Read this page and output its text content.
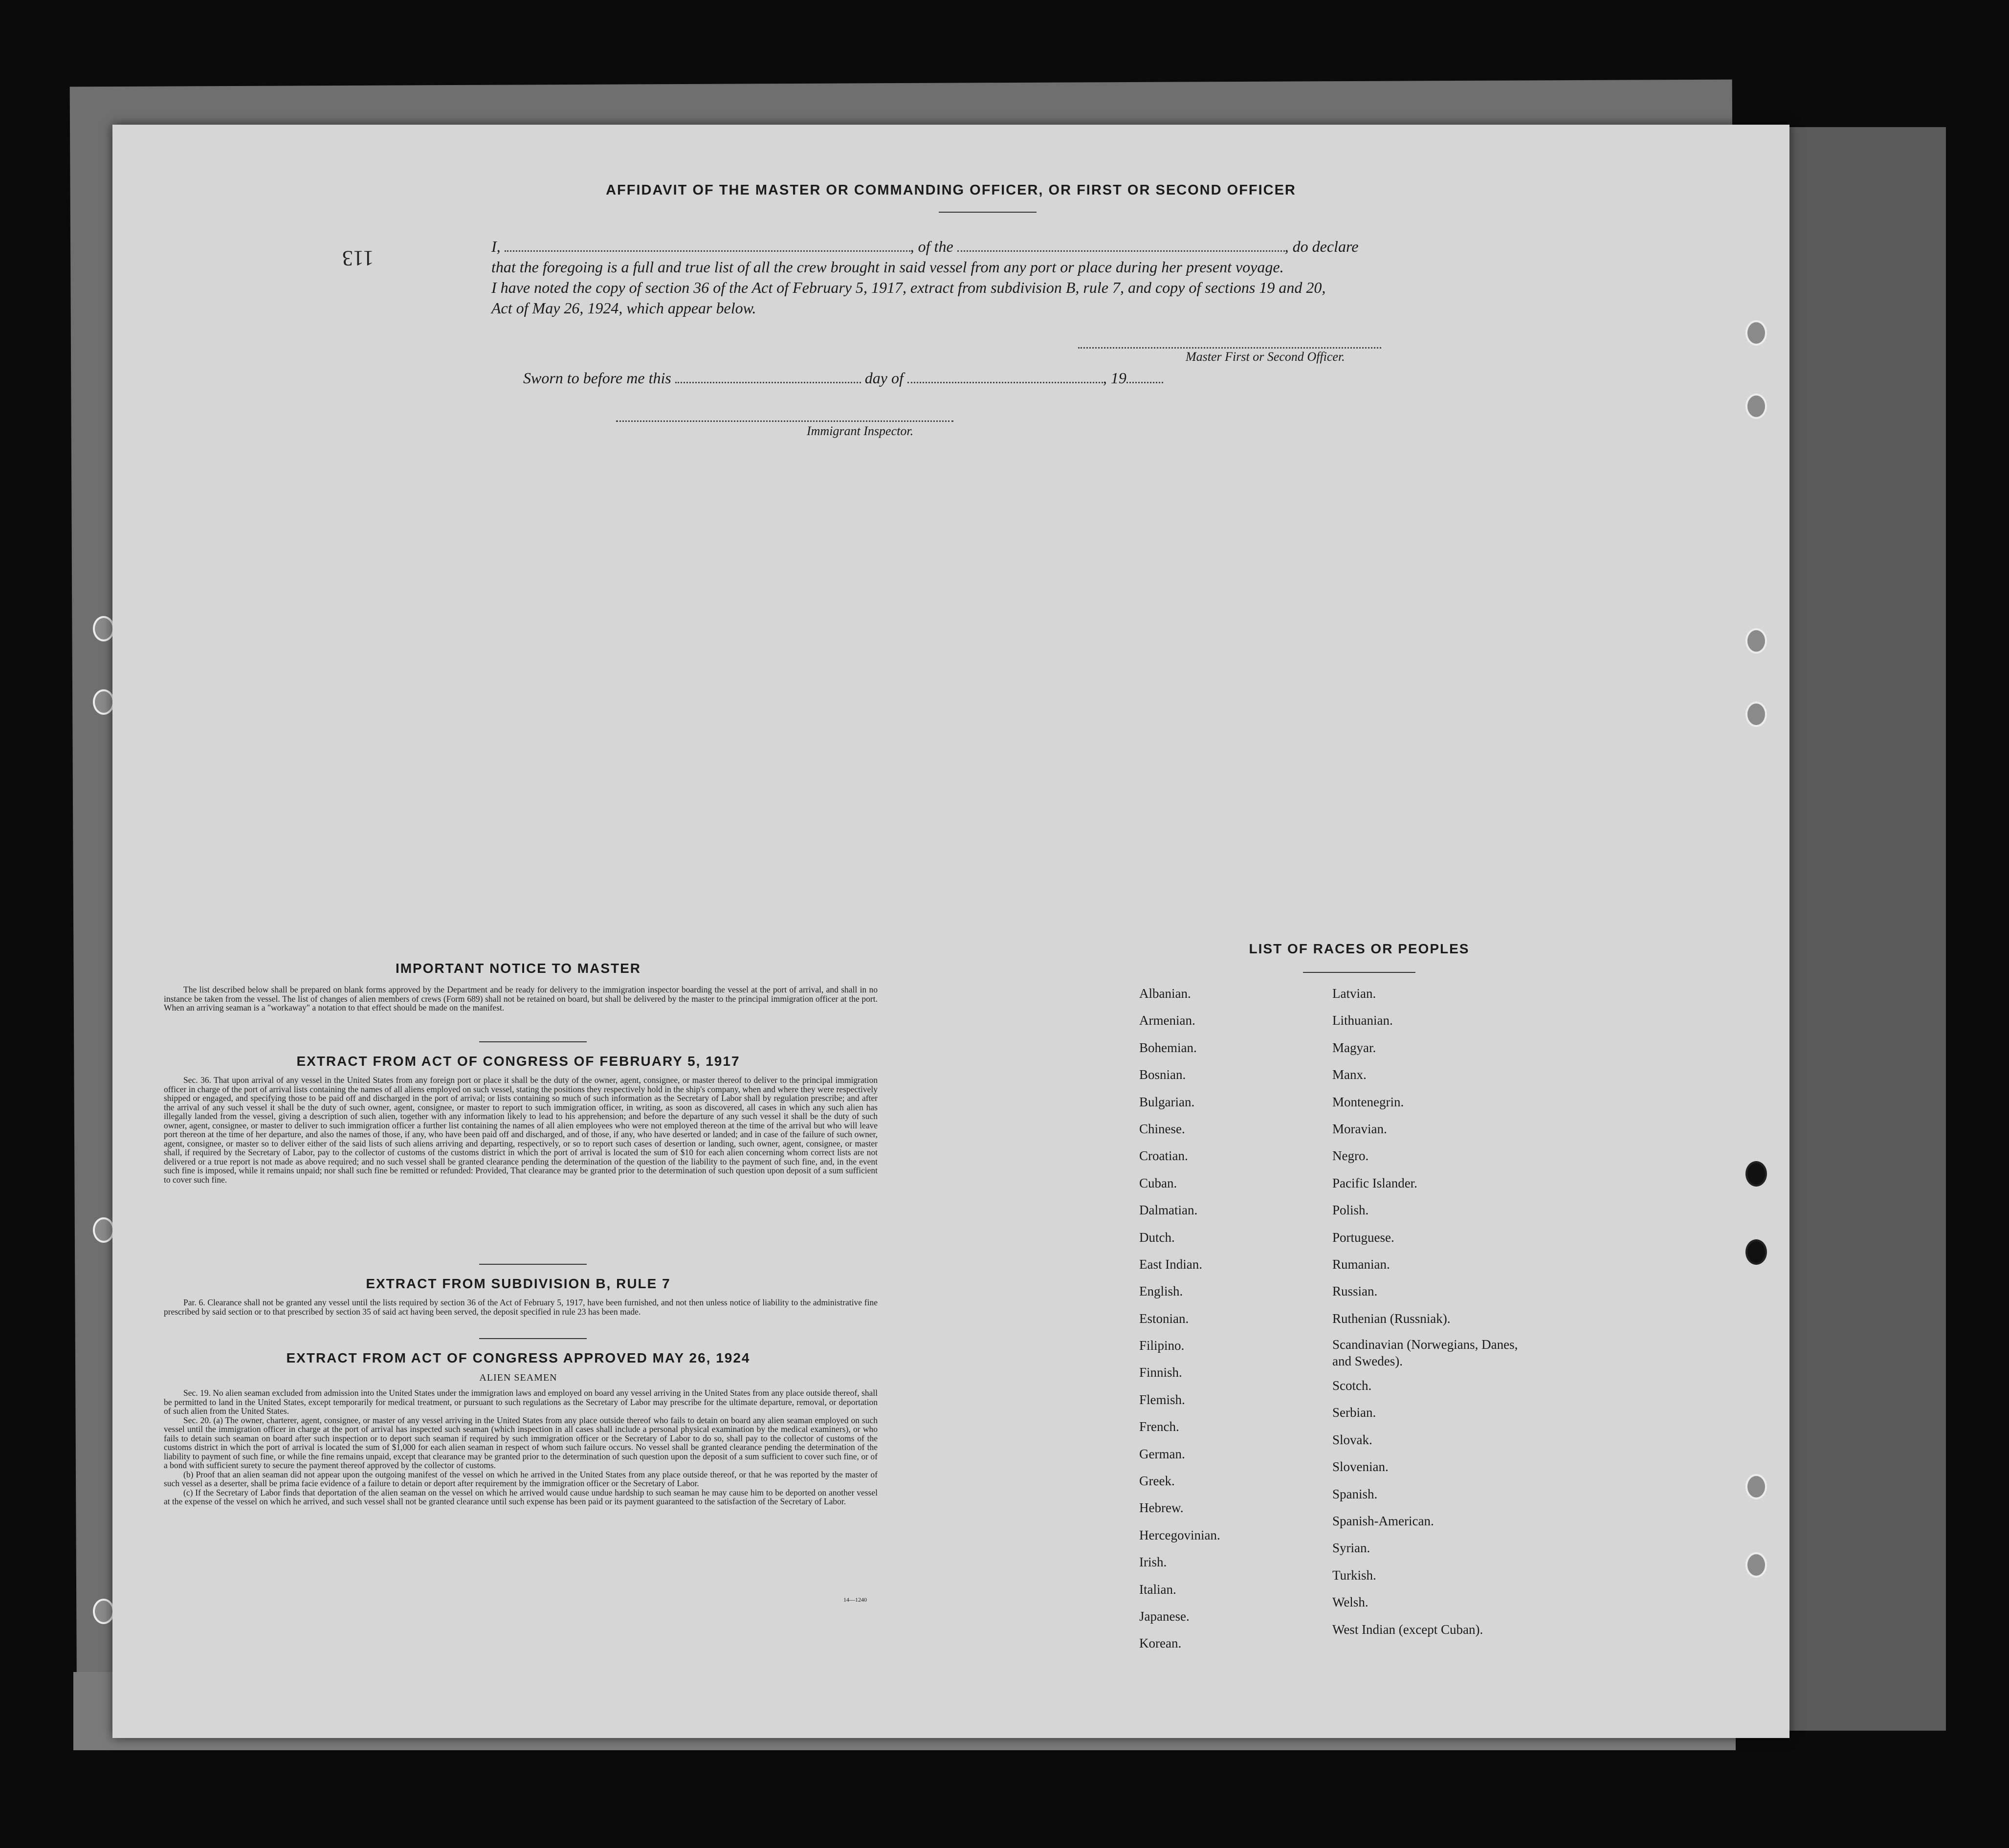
113
AFFIDAVIT OF THE MASTER OR COMMANDING OFFICER, OR FIRST OR SECOND OFFICER
I,	, of the	, do declare
that the foregoing is a full and true list of all the crew brought in said vessel from any port or place during her present voyage.
I have noted the copy of section 36 of the Act of February 5, 1917, extract from subdivision B, rule 7, and copy of sections 19 and 20,
Act of May 26, 1924, which appear below.
Master First or Second Officer.
Sworn to before me this	day of	, 19
Immigrant Inspector.
IMPORTANT NOTICE TO MASTER

The list described below shall be prepared on blank forms approved by the Department and be ready for delivery to the immigration inspector boarding the vessel at the port of arrival, and shall in no instance be taken from the vessel. The list of changes of alien members of crews (Form 689) shall not be retained on board, but shall be delivered by the master to the principal immigration officer at the port. When an arriving seaman is a "workaway" a notation to that effect should be made on the manifest.

EXTRACT FROM ACT OF CONGRESS OF FEBRUARY 5, 1917

Sec. 36. That upon arrival of any vessel in the United States from any foreign port or place it shall be the duty of the owner, agent, consignee, or master thereof to deliver to the principal immigration officer in charge of the port of arrival lists containing the names of all aliens employed on such vessel, stating the positions they respectively hold in the ship's company, when and where they were respectively shipped or engaged, and specifying those to be paid off and discharged in the port of arrival; or lists containing so much of such information as the Secretary of Labor shall by regulation prescribe; and after the arrival of any such vessel it shall be the duty of such owner, agent, consignee, or master to report to such immigration officer, in writing, as soon as discovered, all cases in which any such alien has illegally landed from the vessel, giving a description of such alien, together with any information likely to lead to his apprehension; and before the departure of any such vessel it shall be the duty of such owner, agent, consignee, or master to deliver to such immigration officer a further list containing the names of all alien employees who were not employed thereon at the time of the arrival but who will leave port thereon at the time of her departure, and also the names of those, if any, who have been paid off and discharged, and of those, if any, who have deserted or landed; and in case of the failure of such owner, agent, consignee, or master so to deliver either of the said lists of such aliens arriving and departing, respectively, or so to report such cases of desertion or landing, such owner, agent, consignee, or master shall, if required by the Secretary of Labor, pay to the collector of customs of the customs district in which the port of arrival is located the sum of $10 for each alien concerning whom correct lists are not delivered or a true report is not made as above required; and no such vessel shall be granted clearance pending the determination of the question of the liability to the payment of such fine, and, in the event such fine is imposed, while it remains unpaid; nor shall such fine be remitted or refunded: Provided, That clearance may be granted prior to the determination of such question upon deposit of a sum sufficient to cover such fine.

EXTRACT FROM SUBDIVISION B, RULE 7

Par. 6. Clearance shall not be granted any vessel until the lists required by section 36 of the Act of February 5, 1917, have been furnished, and not then unless notice of liability to the administrative fine prescribed by said section or to that prescribed by section 35 of said act having been served, the deposit specified in rule 23 has been made.

EXTRACT FROM ACT OF CONGRESS APPROVED MAY 26, 1924
ALIEN SEAMEN

Sec. 19. No alien seaman excluded from admission into the United States under the immigration laws and employed on board any vessel arriving in the United States from any place outside thereof, shall be permitted to land in the United States, except temporarily for medical treatment, or pursuant to such regulations as the Secretary of Labor may prescribe for the ultimate departure, removal, or deportation of such alien from the United States.

Sec. 20. (a) The owner, charterer, agent, consignee, or master of any vessel arriving in the United States from any place outside thereof who fails to detain on board any alien seaman employed on such vessel until the immigration officer in charge at the port of arrival has inspected such seaman (which inspection in all cases shall include a personal physical examination by the medical examiners), or who fails to detain such seaman on board after such inspection or to deport such seaman if required by such immigration officer or the Secretary of Labor to do so, shall pay to the collector of customs of the customs district in which the port of arrival is located the sum of $1,000 for each alien seaman in respect of whom such failure occurs. No vessel shall be granted clearance pending the determination of the liability to payment of such fine, or while the fine remains unpaid, except that clearance may be granted prior to the determination of such question upon the deposit of a sum sufficient to cover such fine, or of a bond with sufficient surety to secure the payment thereof approved by the collector of customs.

(b) Proof that an alien seaman did not appear upon the outgoing manifest of the vessel on which he arrived in the United States from any place outside thereof, or that he was reported by the master of such vessel as a deserter, shall be prima facie evidence of a failure to detain or deport after requirement by the immigration officer or the Secretary of Labor.

(c) If the Secretary of Labor finds that deportation of the alien seaman on the vessel on which he arrived would cause undue hardship to such seaman he may cause him to be deported on another vessel at the expense of the vessel on which he arrived, and such vessel shall not be granted clearance until such expense has been paid or its payment guaranteed to the satisfaction of the Secretary of Labor.

14—1240
LIST OF RACES OR PEOPLES
Albanian.
Armenian.
Bohemian.
Bosnian.
Bulgarian.
Chinese.
Croatian.
Cuban.
Dalmatian.
Dutch.
East Indian.
English.
Estonian.
Filipino.
Finnish.
Flemish.
French.
German.
Greek.
Hebrew.
Hercegovinian.
Irish.
Italian.
Japanese.
Korean.
Latvian.
Lithuanian.
Magyar.
Manx.
Montenegrin.
Moravian.
Negro.
Pacific Islander.
Polish.
Portuguese.
Rumanian.
Russian.
Ruthenian (Russniak).
Scandinavian (Norwegians, Danes, and Swedes).
Scotch.
Serbian.
Slovak.
Slovenian.
Spanish.
Spanish-American.
Syrian.
Turkish.
Welsh.
West Indian (except Cuban).
